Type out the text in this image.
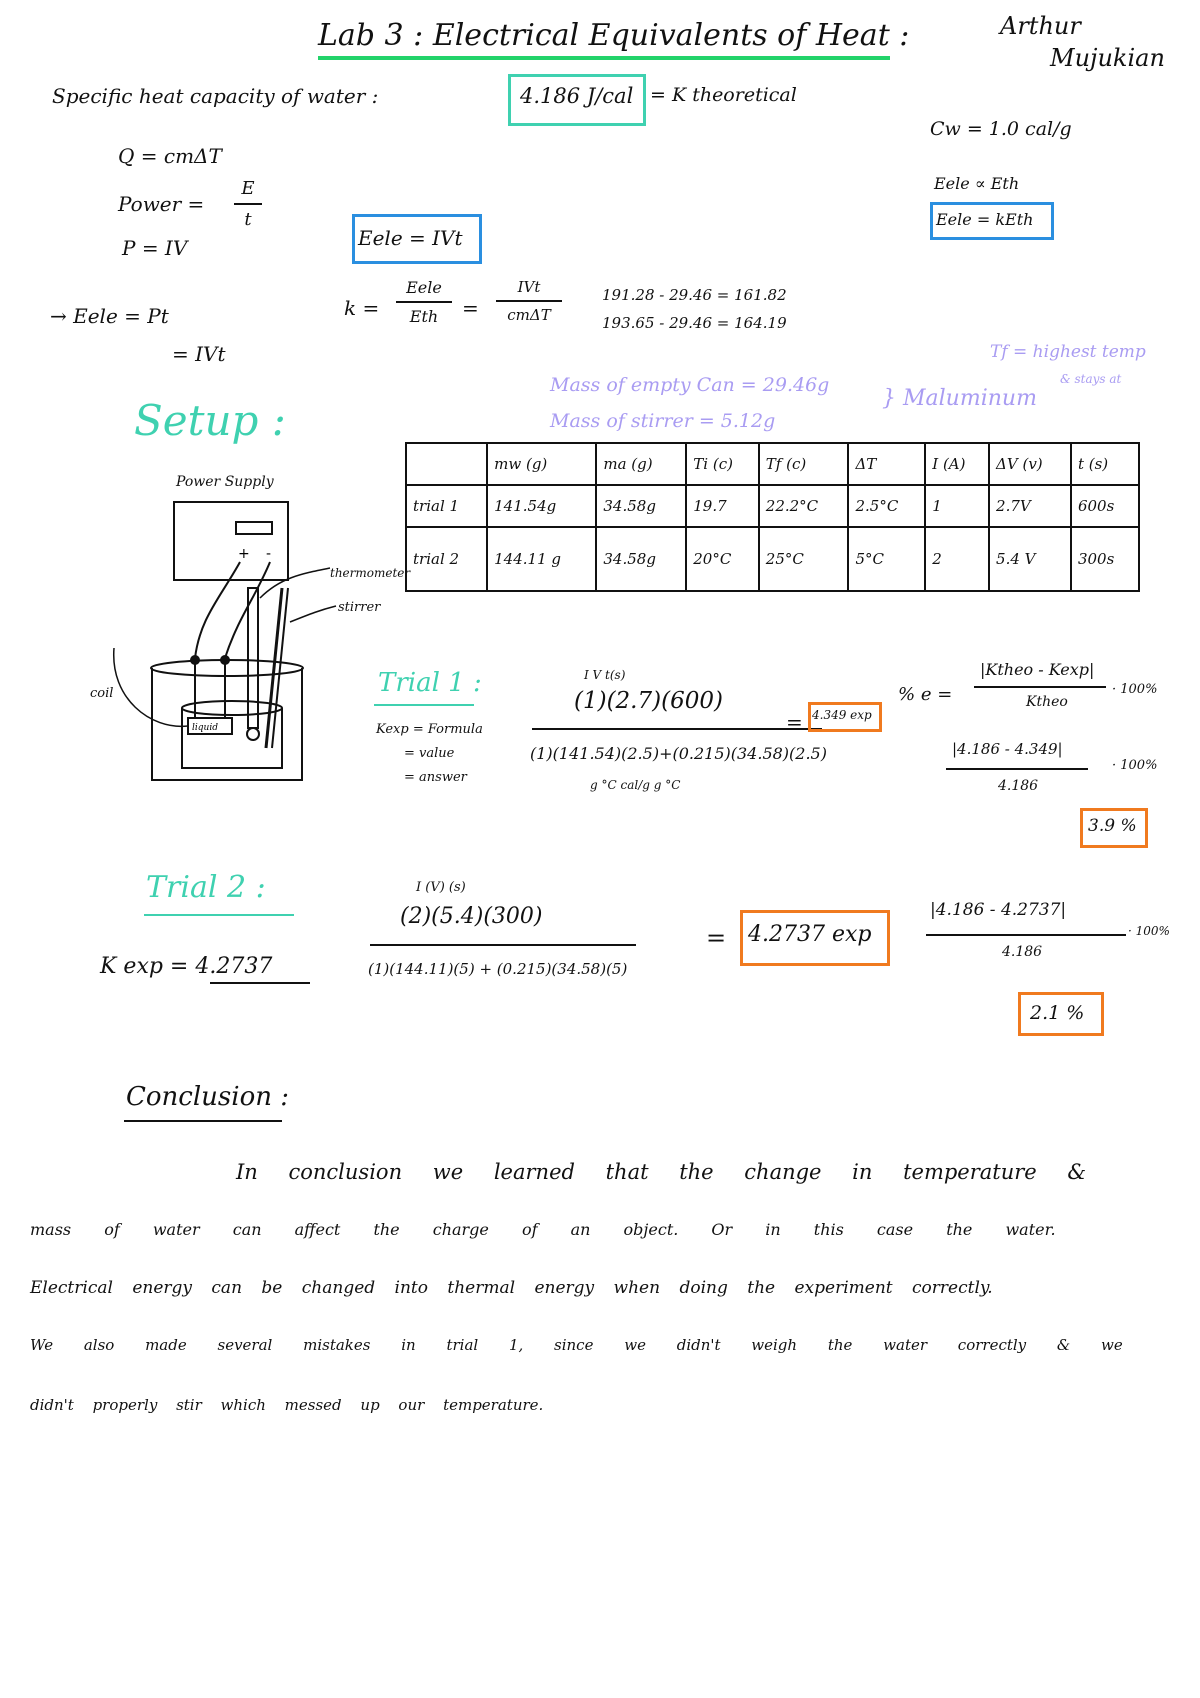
Lab 3 : Electrical Equivalents of Heat :	Arthur
Mujukian
Specific heat capacity of water :	4.186 J/cal = K theoretical
Cw = 1.0 cal/g
Eele ∝ Eth
Eele = kEth
Q = cmΔT
Power =
E
t
P = IV	Eele = IVt
→ Eele = Pt
= IVt
k =
Eele
Eth	=
IVt
cmΔT
191.28 - 29.46 = 161.82
193.65 - 29.46 = 164.19
Tf = highest temp
& stays at
Mass of empty Can = 29.46g
Mass of stirrer = 5.12g
} Maluminum
Setup :
Power Supply
+ -
liquid
thermometer
stirrer
coil
	mw (g)	ma (g)	Ti (c)	Tf (c)	ΔT	I (A)	ΔV (v)	t (s)
trial 1	141.54g	34.58g	19.7	22.2°C	2.5°C	1	2.7V	600s
trial 2	144.11 g	34.58g	20°C	25°C	5°C	2	5.4 V	300s
Trial 1 :
Kexp = Formula
= value
= answer
I V t(s)
(1)(2.7)(600)
(1)(141.54)(2.5)+(0.215)(34.58)(2.5)
g °C cal/g g °C
= 4.349 exp
% e =
|Ktheo - Kexp|
Ktheo
· 100%
|4.186 - 4.349|
4.186
· 100%
3.9 %
Trial 2 :
K exp = 4.2737
I (V) (s)
(2)(5.4)(300)
(1)(144.11)(5) + (0.215)(34.58)(5)
= 4.2737 exp
|4.186 - 4.2737|
4.186
· 100%
2.1 %
Conclusion :
In conclusion we learned that the change in temperature &
mass of water can affect the charge of an object. Or in this case the water.
Electrical energy can be changed into thermal energy when doing the experiment correctly.
We also made several mistakes in trial 1, since we didn't weigh the water correctly & we
didn't properly stir which messed up our temperature.
